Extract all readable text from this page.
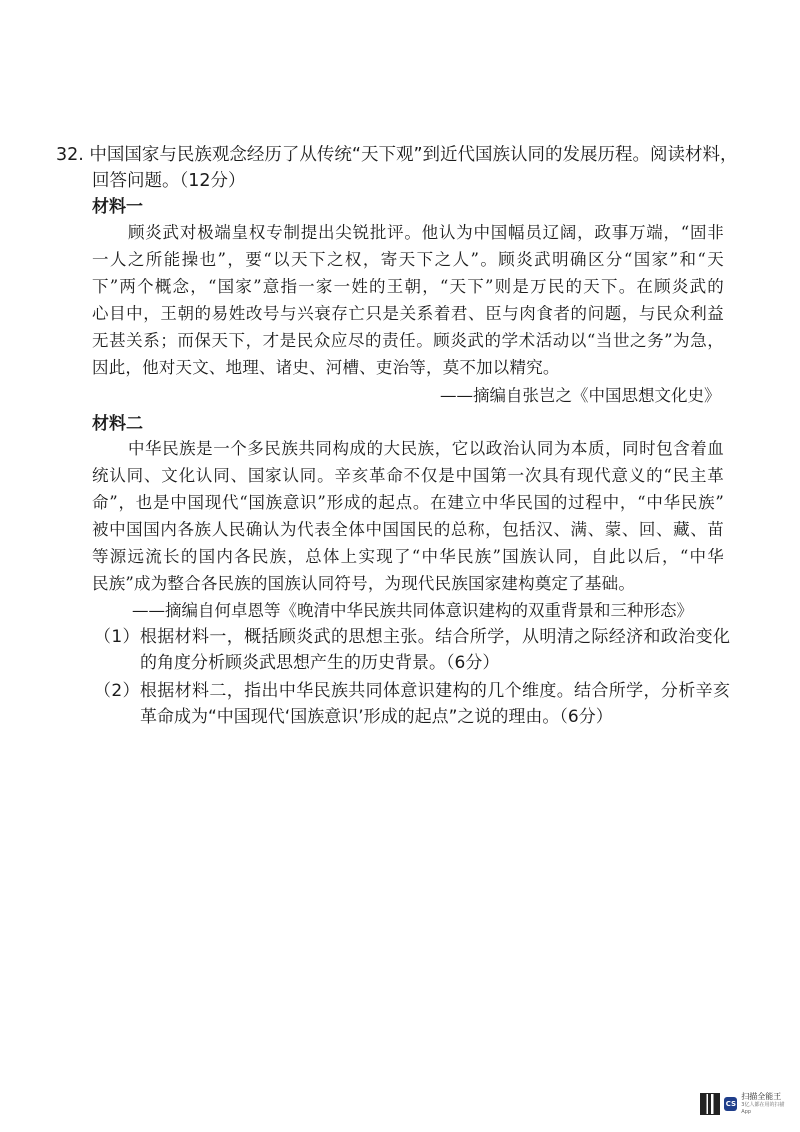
32. 中国国家与民族观念经历了从传统“天下观”到近代国族认同的发展历程。阅读材料，
回答问题。（12分）
材料一
顾炎武对极端皇权专制提出尖锐批评。他认为中国幅员辽阔，政事万端，“固非
一人之所能操也”，要“以天下之权，寄天下之人”。顾炎武明确区分“国家”和“天
下”两个概念，“国家”意指一家一姓的王朝，“天下”则是万民的天下。在顾炎武的
心目中，王朝的易姓改号与兴衰存亡只是关系着君、臣与肉食者的问题，与民众利益
无甚关系；而保天下，才是民众应尽的责任。顾炎武的学术活动以“当世之务”为急，
因此，他对天文、地理、诸史、河槽、吏治等，莫不加以精究。
——摘编自张岂之《中国思想文化史》
材料二
中华民族是一个多民族共同构成的大民族，它以政治认同为本质，同时包含着血
统认同、文化认同、国家认同。辛亥革命不仅是中国第一次具有现代意义的“民主革
命”，也是中国现代“国族意识”形成的起点。在建立中华民国的过程中，“中华民族”
被中国国内各族人民确认为代表全体中国国民的总称，包括汉、满、蒙、回、藏、苗
等源远流长的国内各民族，总体上实现了“中华民族”国族认同，自此以后，“中华
民族”成为整合各民族的国族认同符号，为现代民族国家建构奠定了基础。
——摘编自何卓恩等《晚清中华民族共同体意识建构的双重背景和三种形态》
（1）根据材料一，概括顾炎武的思想主张。结合所学，从明清之际经济和政治变化
的角度分析顾炎武思想产生的历史背景。（6分）
（2）根据材料二，指出中华民族共同体意识建构的几个维度。结合所学，分析辛亥
革命成为“中国现代‘国族意识’形成的起点”之说的理由。（6分）
CS
扫描全能王
3亿人都在用的扫描App
